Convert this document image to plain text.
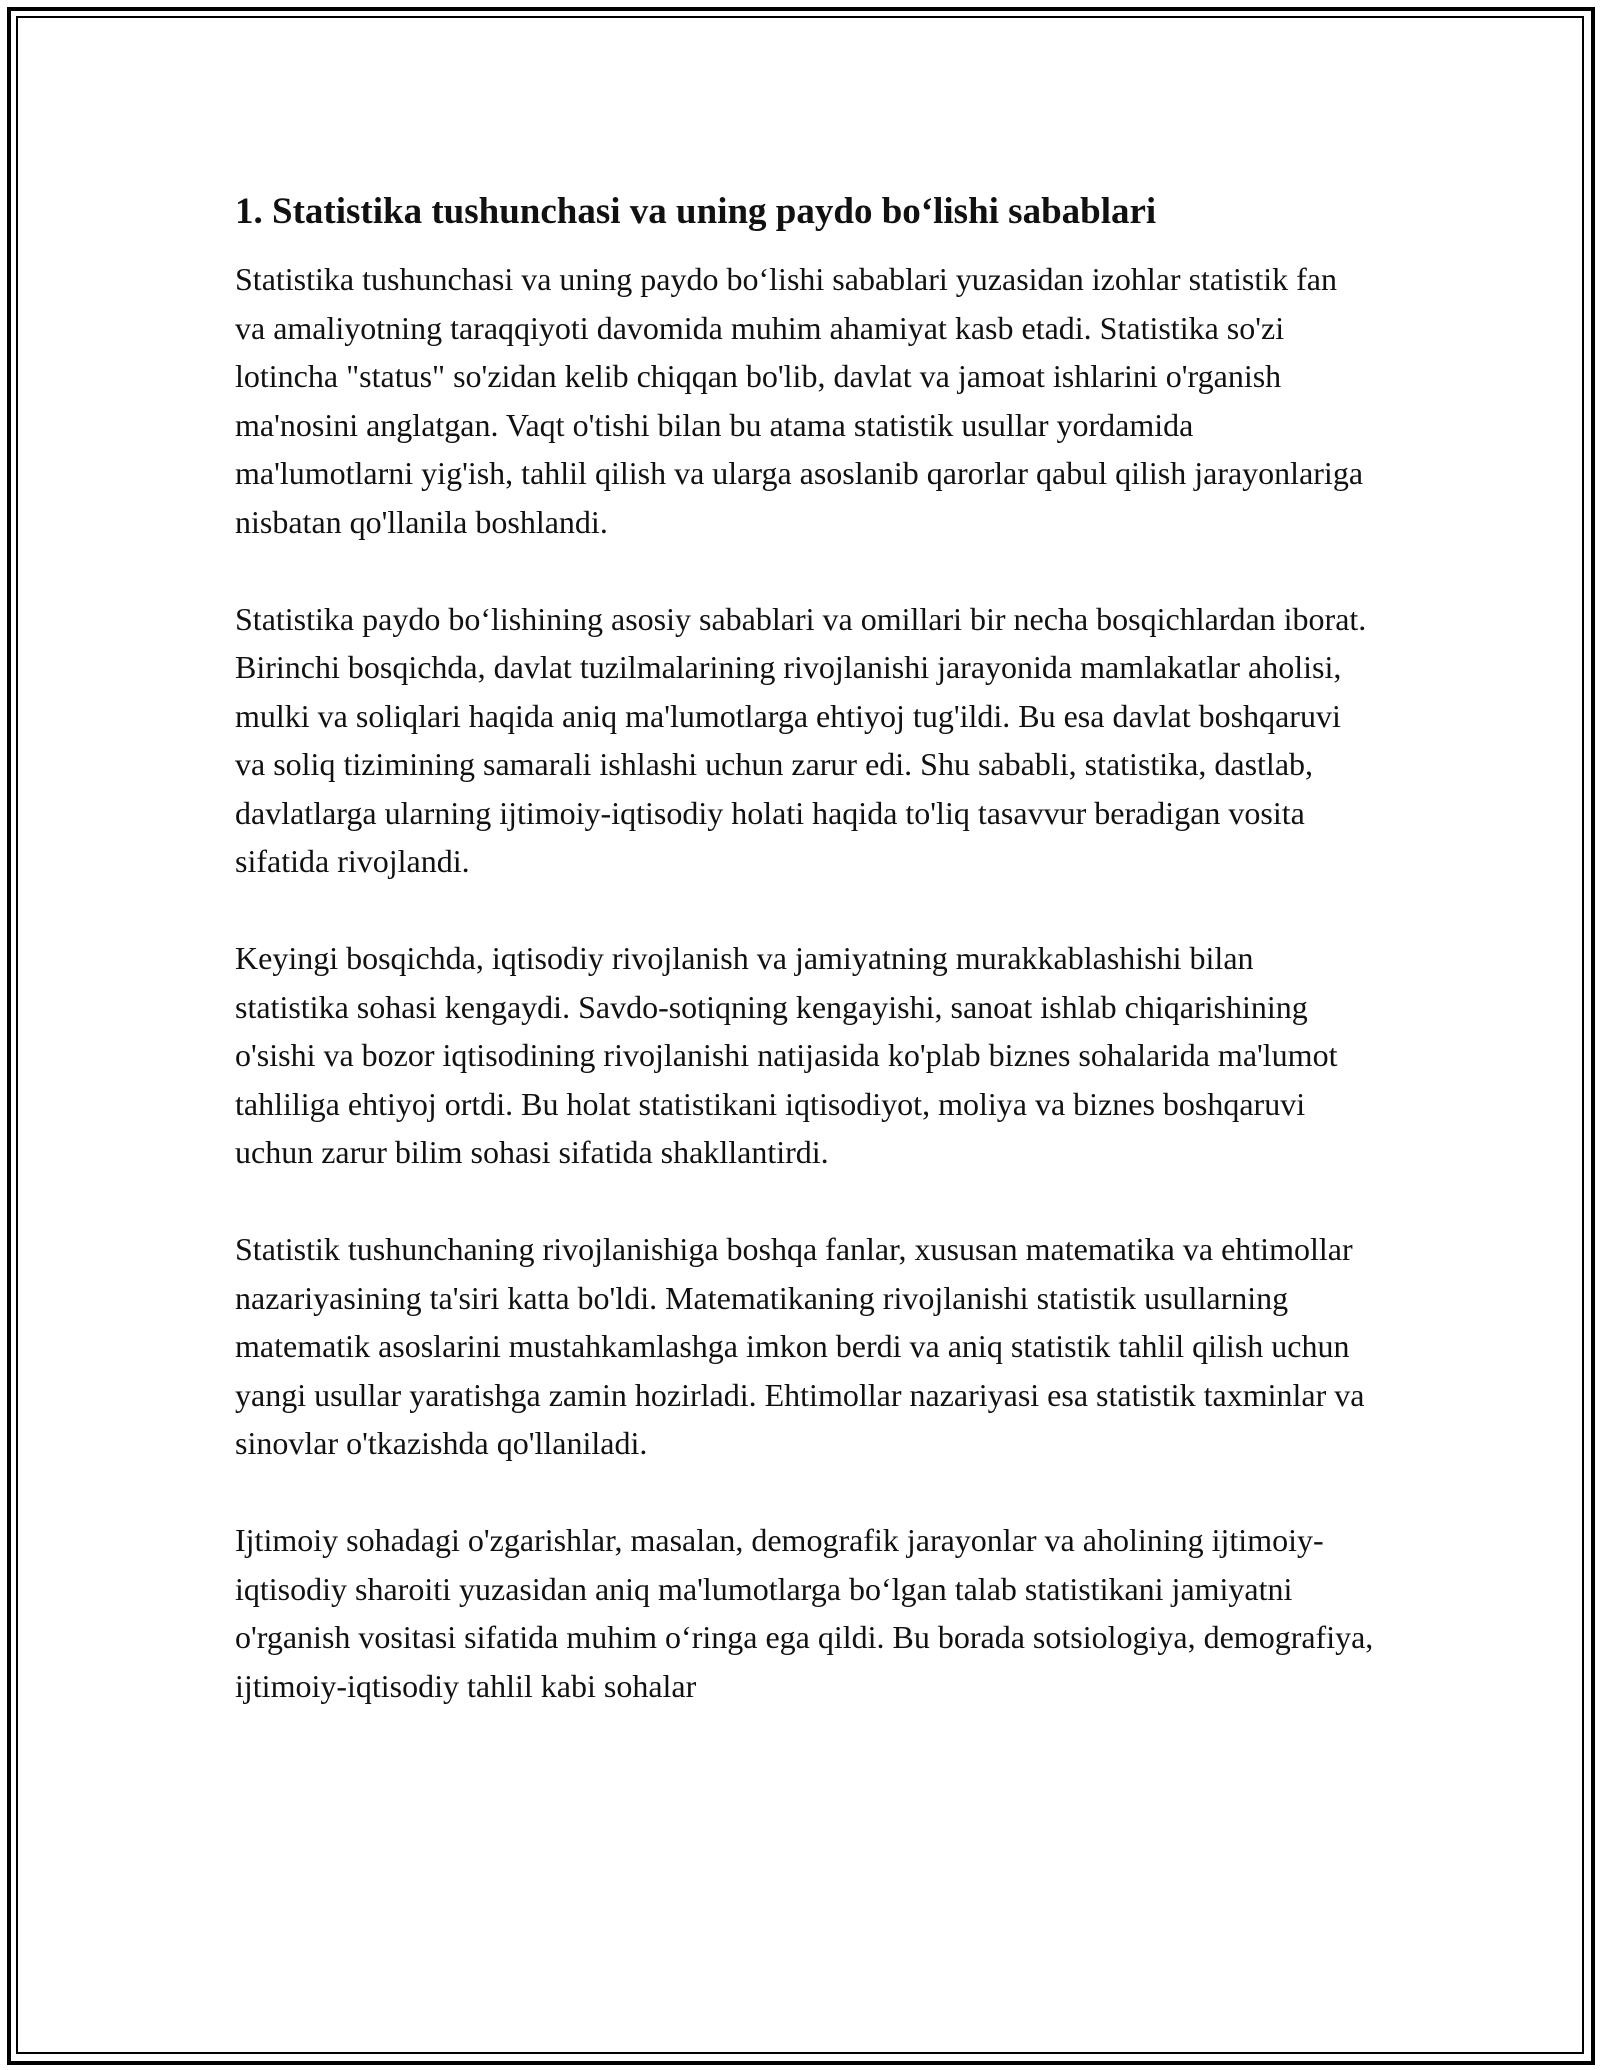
1. Statistika tushunchasi va uning paydo bo‘lishi sabablari

Statistika tushunchasi va uning paydo bo‘lishi sabablari yuzasidan izohlar statistik fan va amaliyotning taraqqiyoti davomida muhim ahamiyat kasb etadi. Statistika so'zi lotincha "status" so'zidan kelib chiqqan bo'lib, davlat va jamoat ishlarini o'rganish ma'nosini anglatgan. Vaqt o'tishi bilan bu atama statistik usullar yordamida ma'lumotlarni yig'ish, tahlil qilish va ularga asoslanib qarorlar qabul qilish jarayonlariga nisbatan qo'llanila boshlandi.

Statistika paydo bo‘lishining asosiy sabablari va omillari bir necha bosqichlardan iborat. Birinchi bosqichda, davlat tuzilmalarining rivojlanishi jarayonida mamlakatlar aholisi, mulki va soliqlari haqida aniq ma'lumotlarga ehtiyoj tug'ildi. Bu esa davlat boshqaruvi va soliq tizimining samarali ishlashi uchun zarur edi. Shu sababli, statistika, dastlab, davlatlarga ularning ijtimoiy-iqtisodiy holati haqida to'liq tasavvur beradigan vosita sifatida rivojlandi.

Keyingi bosqichda, iqtisodiy rivojlanish va jamiyatning murakkablashishi bilan statistika sohasi kengaydi. Savdo-sotiqning kengayishi, sanoat ishlab chiqarishining o'sishi va bozor iqtisodining rivojlanishi natijasida ko'plab biznes sohalarida ma'lumot tahliliga ehtiyoj ortdi. Bu holat statistikani iqtisodiyot, moliya va biznes boshqaruvi uchun zarur bilim sohasi sifatida shakllantirdi.

Statistik tushunchaning rivojlanishiga boshqa fanlar, xususan matematika va ehtimollar nazariyasining ta'siri katta bo'ldi. Matematikaning rivojlanishi statistik usullarning matematik asoslarini mustahkamlashga imkon berdi va aniq statistik tahlil qilish uchun yangi usullar yaratishga zamin hozirladi. Ehtimollar nazariyasi esa statistik taxminlar va sinovlar o'tkazishda qo'llaniladi.

Ijtimoiy sohadagi o'zgarishlar, masalan, demografik jarayonlar va aholining ijtimoiy-iqtisodiy sharoiti yuzasidan aniq ma'lumotlarga bo‘lgan talab statistikani jamiyatni o'rganish vositasi sifatida muhim o‘ringa ega qildi. Bu borada sotsiologiya, demografiya, ijtimoiy-iqtisodiy tahlil kabi sohalar
